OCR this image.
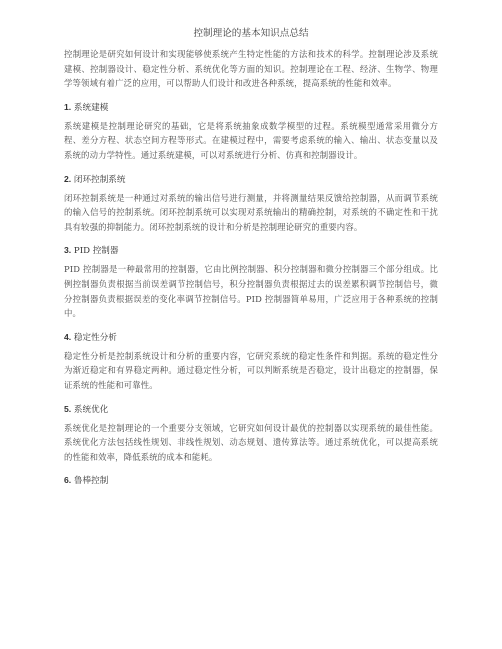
控制理论的基本知识点总结

控制理论是研究如何设计和实现能够使系统产生特定性能的方法和技术的科学。控制理论涉及系统建模、控制器设计、稳定性分析、系统优化等方面的知识。控制理论在工程、经济、生物学、物理学等领域有着广泛的应用，可以帮助人们设计和改进各种系统，提高系统的性能和效率。

1. 系统建模

系统建模是控制理论研究的基础，它是将系统抽象成数学模型的过程。系统模型通常采用微分方程、差分方程、状态空间方程等形式。在建模过程中，需要考虑系统的输入、输出、状态变量以及系统的动力学特性。通过系统建模，可以对系统进行分析、仿真和控制器设计。

2. 闭环控制系统

闭环控制系统是一种通过对系统的输出信号进行测量，并将测量结果反馈给控制器，从而调节系统的输入信号的控制系统。闭环控制系统可以实现对系统输出的精确控制，对系统的不确定性和干扰具有较强的抑制能力。闭环控制系统的设计和分析是控制理论研究的重要内容。

3. PID 控制器

PID 控制器是一种最常用的控制器，它由比例控制器、积分控制器和微分控制器三个部分组成。比例控制器负责根据当前误差调节控制信号，积分控制器负责根据过去的误差累积调节控制信号，微分控制器负责根据误差的变化率调节控制信号。PID 控制器简单易用，广泛应用于各种系统的控制中。

4. 稳定性分析

稳定性分析是控制系统设计和分析的重要内容，它研究系统的稳定性条件和判据。系统的稳定性分为渐近稳定和有界稳定两种。通过稳定性分析，可以判断系统是否稳定，设计出稳定的控制器，保证系统的性能和可靠性。

5. 系统优化

系统优化是控制理论的一个重要分支领域，它研究如何设计最优的控制器以实现系统的最佳性能。系统优化方法包括线性规划、非线性规划、动态规划、遗传算法等。通过系统优化，可以提高系统的性能和效率，降低系统的成本和能耗。

6. 鲁棒控制
